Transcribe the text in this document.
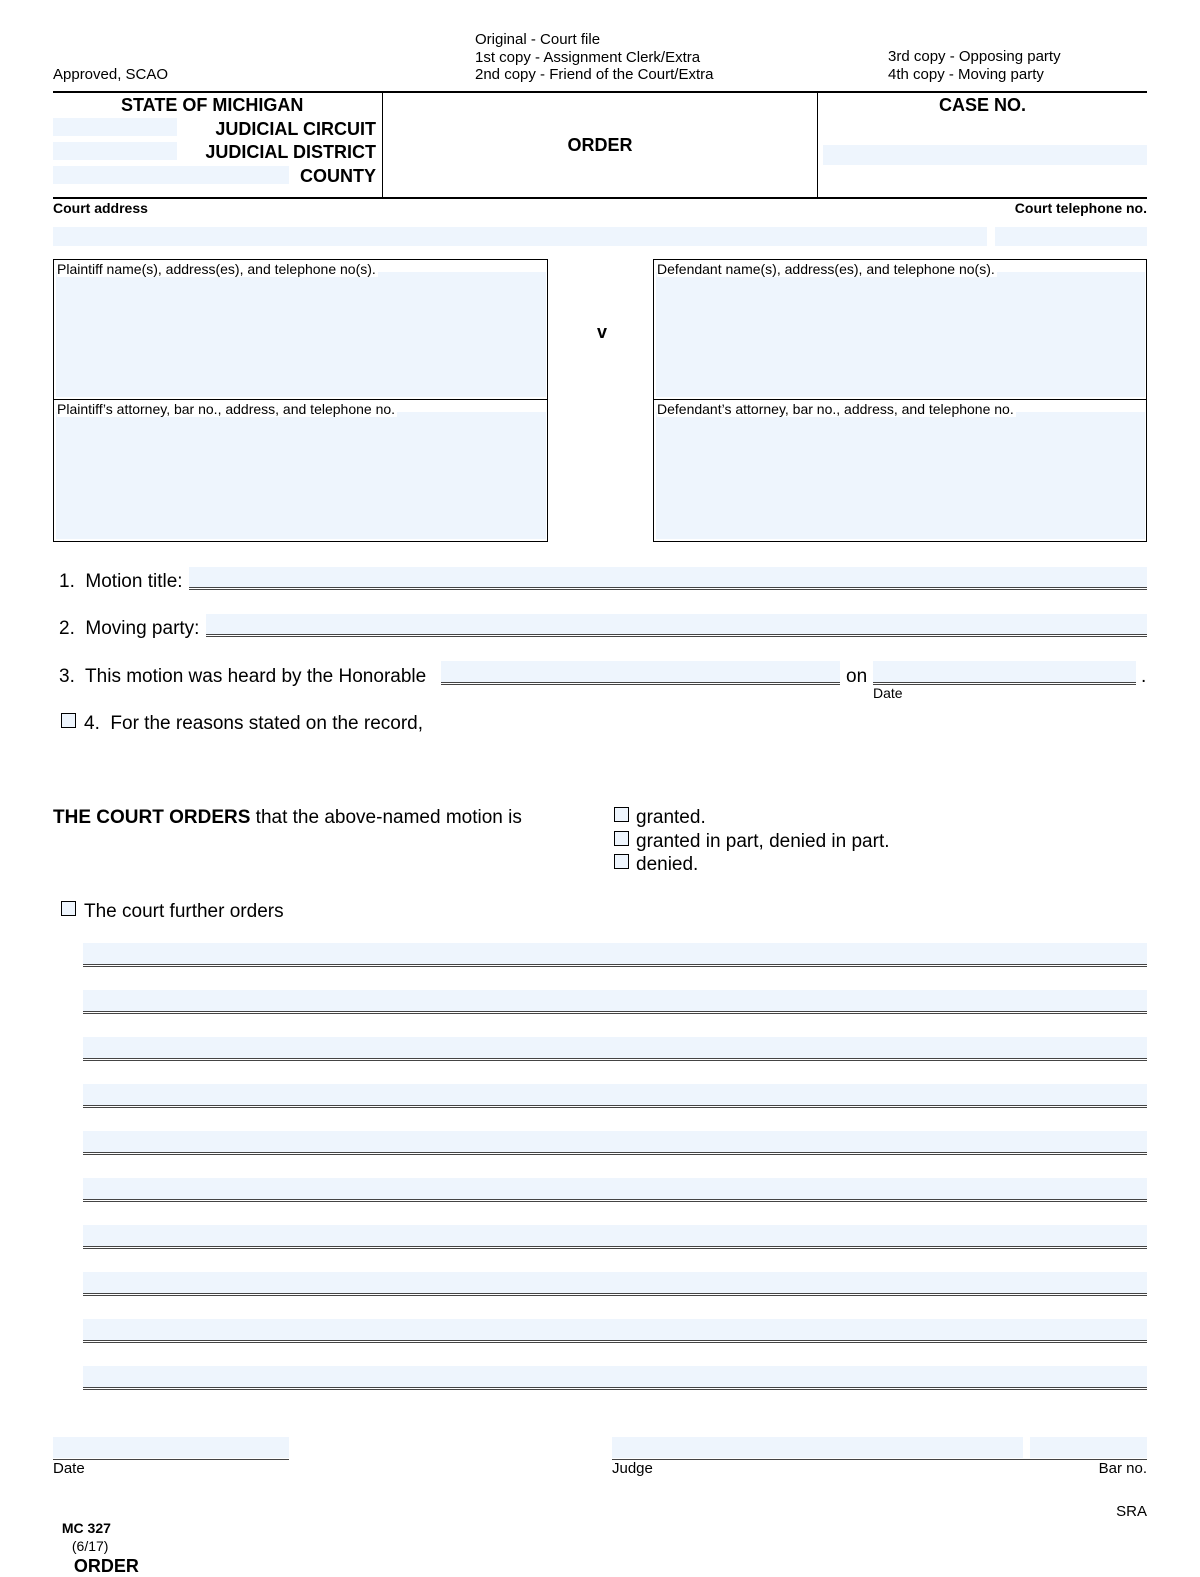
Approved, SCAO
Original - Court file
1st copy - Assignment Clerk/Extra
2nd copy - Friend of the Court/Extra
3rd copy - Opposing party
4th copy - Moving party
STATE OF MICHIGAN
JUDICIAL CIRCUIT
JUDICIAL DISTRICT
COUNTY
ORDER
CASE NO.
Court address	Court telephone no.
Plaintiff name(s), address(es), and telephone no(s).
Plaintiff’s attorney, bar no., address, and telephone no.
v
Defendant name(s), address(es), and telephone no(s).
Defendant’s attorney, bar no., address, and telephone no.
1.  Motion title:
2.  Moving party:
3.  This motion was heard by the Honorable	on	.
Date
4.  For the reasons stated on the record,
THE COURT ORDERS that the above-named motion is	granted.
granted in part, denied in part.
denied.
The court further orders
Date	Judge	Bar no.

MC 327
(6/17)
ORDER

SRA
